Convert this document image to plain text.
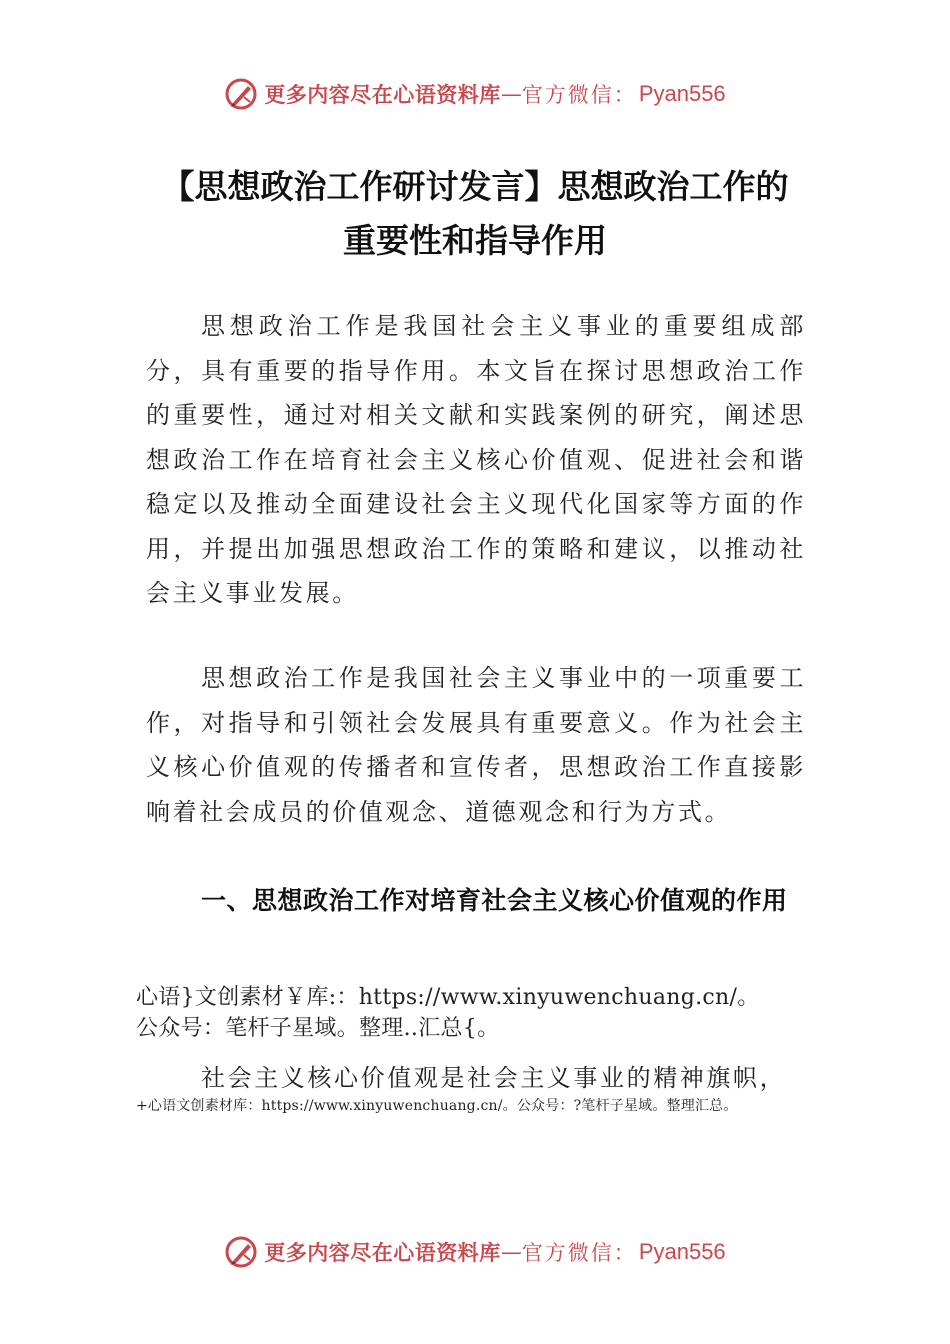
更多内容尽在心语资料库 — 官方微信： Pyan556
【思想政治工作研讨发言】思想政治工作的
重要性和指导作用

思想政治工作是我国社会主义事业的重要组成部分，具有重要的指导作用。本文旨在探讨思想政治工作的重要性，通过对相关文献和实践案例的研究，阐述思想政治工作在培育社会主义核心价值观、促进社会和谐稳定以及推动全面建设社会主义现代化国家等方面的作用，并提出加强思想政治工作的策略和建议，以推动社会主义事业发展。

思想政治工作是我国社会主义事业中的一项重要工作，对指导和引领社会发展具有重要意义。作为社会主义核心价值观的传播者和宣传者，思想政治工作直接影响着社会成员的价值观念、道德观念和行为方式。

一、思想政治工作对培育社会主义核心价值观的作用
心语}文创素材￥库:：https://www.xinyuwenchuang.cn/。
公众号：笔杆子星域。整理..汇总{。

社会主义核心价值观是社会主义事业的精神旗帜，

+心语文创素材库：https://www.xinyuwenchuang.cn/。公众号：?笔杆子星域。整理汇总。
更多内容尽在心语资料库 — 官方微信： Pyan556
